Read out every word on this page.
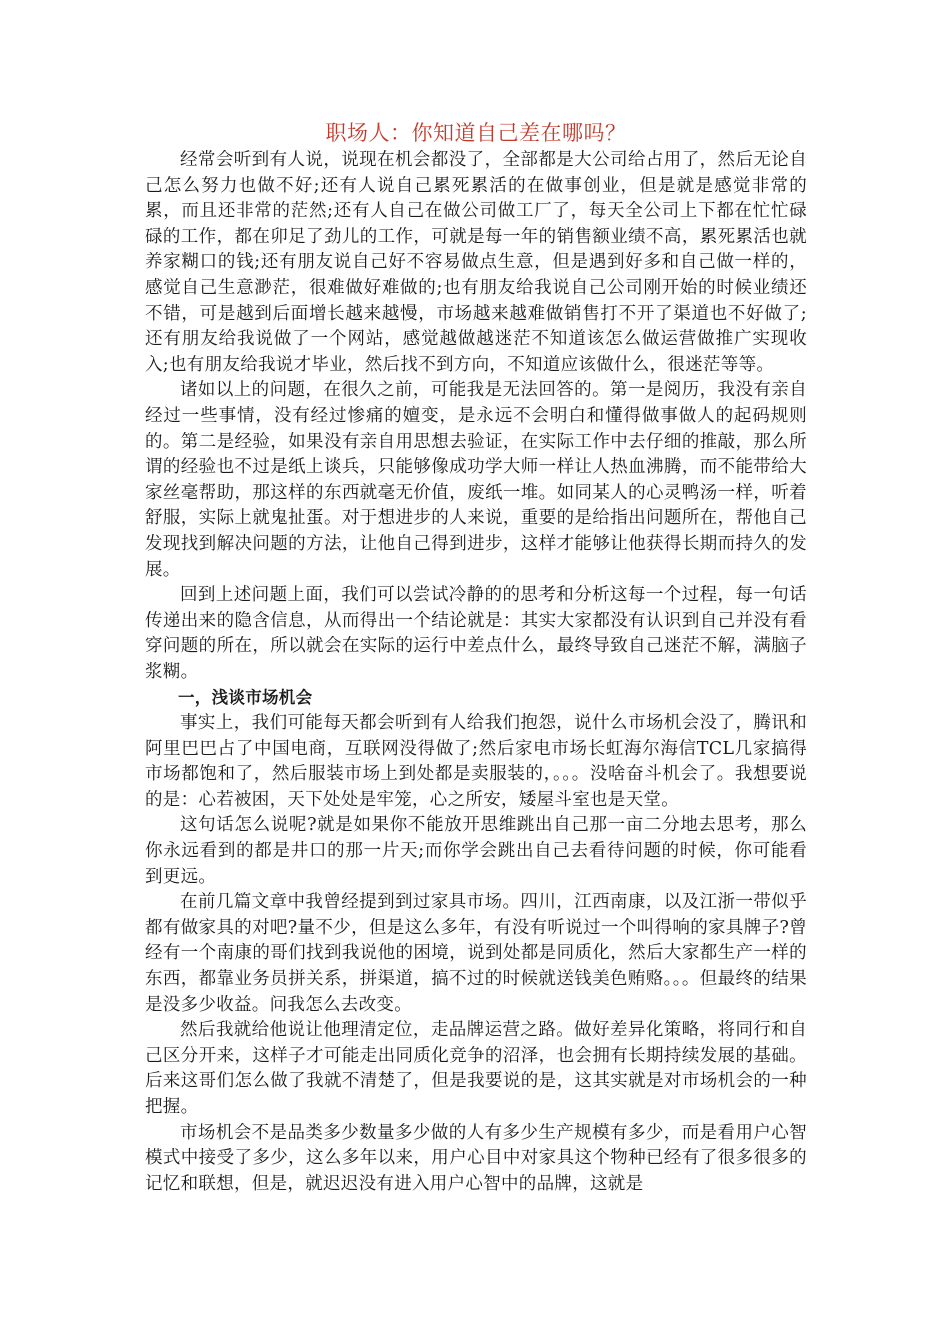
职场人：你知道自己差在哪吗？

经常会听到有人说，说现在机会都没了，全部都是大公司给占用了，然后无论自己怎么努力也做不好;还有人说自己累死累活的在做事创业，但是就是感觉非常的累，而且还非常的茫然;还有人自己在做公司做工厂了，每天全公司上下都在忙忙碌碌的工作，都在卯足了劲儿的工作，可就是每一年的销售额业绩不高，累死累活也就养家糊口的钱;还有朋友说自己好不容易做点生意，但是遇到好多和自己做一样的，感觉自己生意渺茫，很难做好难做的;也有朋友给我说自己公司刚开始的时候业绩还不错，可是越到后面增长越来越慢，市场越来越难做销售打不开了渠道也不好做了;还有朋友给我说做了一个网站，感觉越做越迷茫不知道该怎么做运营做推广实现收入;也有朋友给我说才毕业，然后找不到方向，不知道应该做什么，很迷茫等等。

诸如以上的问题，在很久之前，可能我是无法回答的。第一是阅历，我没有亲自经过一些事情，没有经过惨痛的嬗变，是永远不会明白和懂得做事做人的起码规则的。第二是经验，如果没有亲自用思想去验证，在实际工作中去仔细的推敲，那么所谓的经验也不过是纸上谈兵，只能够像成功学大师一样让人热血沸腾，而不能带给大家丝毫帮助，那这样的东西就毫无价值，废纸一堆。如同某人的心灵鸭汤一样，听着舒服，实际上就鬼扯蛋。对于想进步的人来说，重要的是给指出问题所在，帮他自己发现找到解决问题的方法，让他自己得到进步，这样才能够让他获得长期而持久的发展。

回到上述问题上面，我们可以尝试冷静的的思考和分析这每一个过程，每一句话传递出来的隐含信息，从而得出一个结论就是：其实大家都没有认识到自己并没有看穿问题的所在，所以就会在实际的运行中差点什么，最终导致自己迷茫不解，满脑子浆糊。

一，浅谈市场机会

事实上，我们可能每天都会听到有人给我们抱怨，说什么市场机会没了，腾讯和阿里巴巴占了中国电商，互联网没得做了;然后家电市场长虹海尔海信TCL几家搞得市场都饱和了，然后服装市场上到处都是卖服装的，。。。没啥奋斗机会了。我想要说的是：心若被困，天下处处是牢笼，心之所安，矮屋斗室也是天堂。

这句话怎么说呢?就是如果你不能放开思维跳出自己那一亩二分地去思考，那么你永远看到的都是井口的那一片天;而你学会跳出自己去看待问题的时候，你可能看到更远。

在前几篇文章中我曾经提到到过家具市场。四川，江西南康，以及江浙一带似乎都有做家具的对吧?量不少，但是这么多年，有没有听说过一个叫得响的家具牌子?曾经有一个南康的哥们找到我说他的困境，说到处都是同质化，然后大家都生产一样的东西，都靠业务员拼关系，拼渠道，搞不过的时候就送钱美色贿赂。。。但最终的结果是没多少收益。问我怎么去改变。

然后我就给他说让他理清定位，走品牌运营之路。做好差异化策略，将同行和自己区分开来，这样子才可能走出同质化竞争的沼泽，也会拥有长期持续发展的基础。后来这哥们怎么做了我就不清楚了，但是我要说的是，这其实就是对市场机会的一种把握。

市场机会不是品类多少数量多少做的人有多少生产规模有多少，而是看用户心智模式中接受了多少，这么多年以来，用户心目中对家具这个物种已经有了很多很多的记忆和联想，但是，就迟迟没有进入用户心智中的品牌，这就是
